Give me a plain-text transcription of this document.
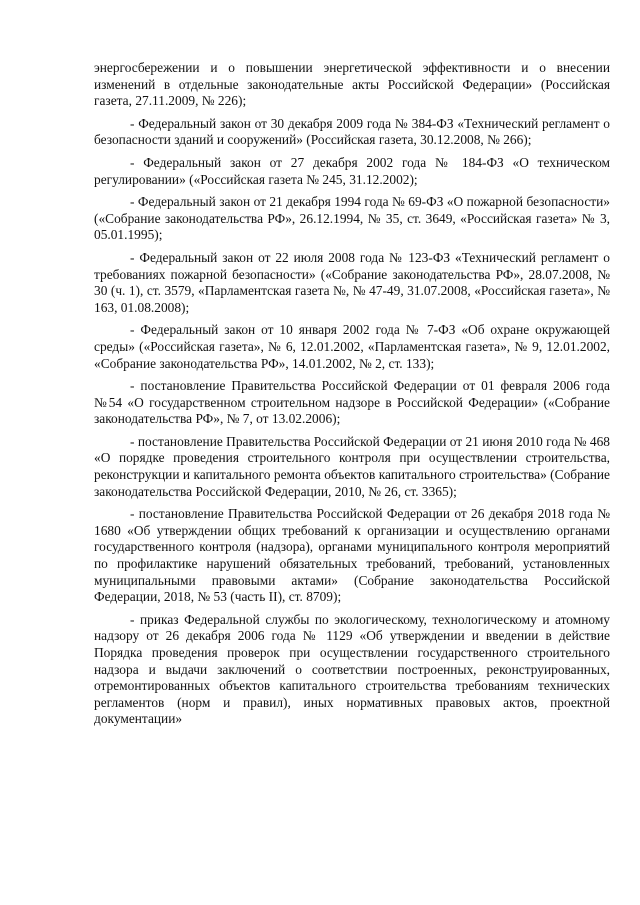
энергосбережении и о повышении энергетической эффективности и о внесении изменений в отдельные законодательные акты Российской Федерации» (Российская газета, 27.11.2009, № 226);

- Федеральный закон от 30 декабря 2009 года № 384-ФЗ «Технический регламент о безопасности зданий и сооружений» (Российская газета, 30.12.2008, № 266);

- Федеральный закон от 27 декабря 2002 года № 184-ФЗ «О техническом регулировании» («Российская газета № 245, 31.12.2002);

- Федеральный закон от 21 декабря 1994 года № 69-ФЗ «О пожарной безопасности» («Собрание законодательства РФ», 26.12.1994, № 35, ст. 3649, «Российская газета» № 3, 05.01.1995);

- Федеральный закон от 22 июля 2008 года № 123-ФЗ «Технический регламент о требованиях пожарной безопасности» («Собрание законодательства РФ», 28.07.2008, № 30 (ч. 1), ст. 3579, «Парламентская газета №, № 47-49, 31.07.2008, «Российская газета», № 163, 01.08.2008);

- Федеральный закон от 10 января 2002 года № 7-ФЗ «Об охране окружающей среды» («Российская газета», № 6, 12.01.2002, «Парламентская газета», № 9, 12.01.2002, «Собрание законодательства РФ», 14.01.2002, № 2, ст. 133);

- постановление Правительства Российской Федерации от 01 февраля 2006 года №54 «О государственном строительном надзоре в Российской Федерации» («Собрание законодательства РФ», № 7, от 13.02.2006);

- постановление Правительства Российской Федерации от 21 июня 2010 года № 468 «О порядке проведения строительного контроля при осуществлении строительства, реконструкции и капитального ремонта объектов капитального строительства» (Собрание законодательства Российской Федерации, 2010, № 26, ст. 3365);

- постановление Правительства Российской Федерации от 26 декабря 2018 года № 1680 «Об утверждении общих требований к организации и осуществлению органами государственного контроля (надзора), органами муниципального контроля мероприятий по профилактике нарушений обязательных требований, требований, установленных муниципальными правовыми актами» (Собрание законодательства Российской Федерации, 2018, № 53 (часть II), ст. 8709);

- приказ Федеральной службы по экологическому, технологическому и атомному надзору от 26 декабря 2006 года № 1129 «Об утверждении и введении в действие Порядка проведения проверок при осуществлении государственного строительного надзора и выдачи заключений о соответствии построенных, реконструированных, отремонтированных объектов капитального строительства требованиям технических регламентов (норм и правил), иных нормативных правовых актов, проектной документации»
